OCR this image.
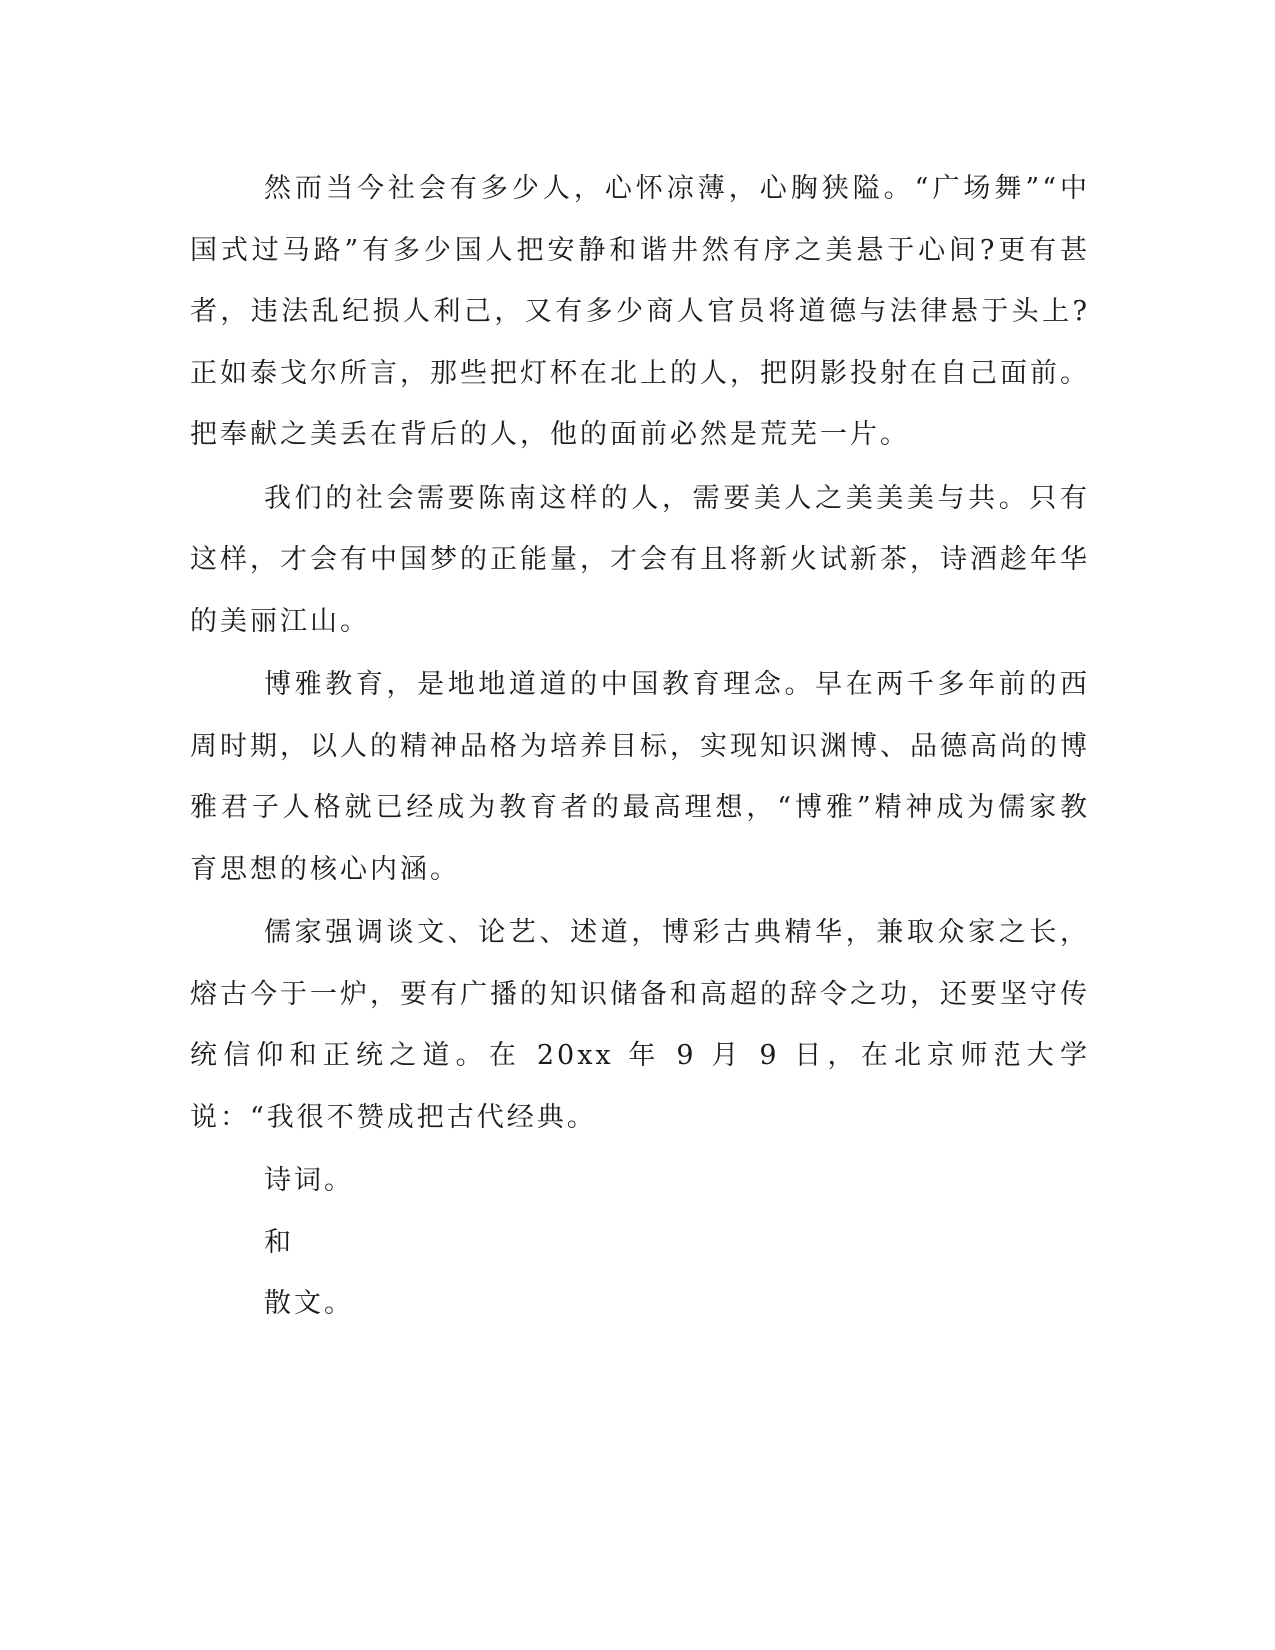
然而当今社会有多少人，心怀凉薄，心胸狭隘。“广场舞”“中国式过马路”有多少国人把安静和谐井然有序之美悬于心间?更有甚者，违法乱纪损人利己，又有多少商人官员将道德与法律悬于头上?正如泰戈尔所言，那些把灯杯在北上的人，把阴影投射在自己面前。把奉献之美丢在背后的人，他的面前必然是荒芜一片。

我们的社会需要陈南这样的人，需要美人之美美美与共。只有这样，才会有中国梦的正能量，才会有且将新火试新茶，诗酒趁年华的美丽江山。

博雅教育，是地地道道的中国教育理念。早在两千多年前的西周时期，以人的精神品格为培养目标，实现知识渊博、品德高尚的博雅君子人格就已经成为教育者的最高理想，“博雅”精神成为儒家教育思想的核心内涵。

儒家强调谈文、论艺、述道，博彩古典精华，兼取众家之长，熔古今于一炉，要有广播的知识储备和高超的辞令之功，还要坚守传统信仰和正统之道。在 20xx 年 9 月 9 日，在北京师范大学说：“我很不赞成把古代经典。

诗词。

和

散文。
